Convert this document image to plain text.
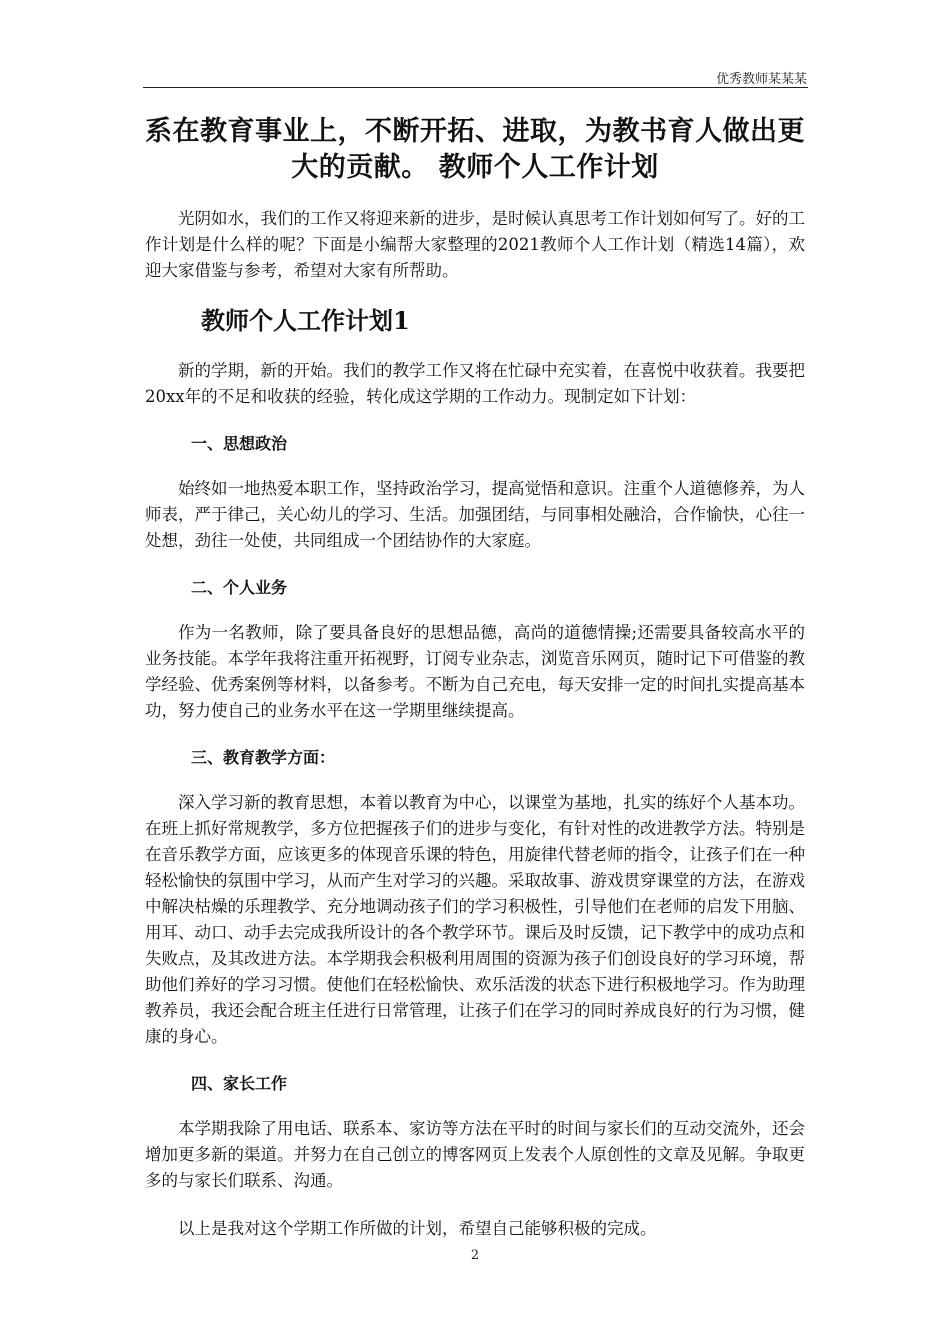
优秀教师某某某
系在教育事业上，不断开拓、进取，为教书育人做出更大的贡献。 教师个人工作计划

光阴如水，我们的工作又将迎来新的进步，是时候认真思考工作计划如何写了。好的工作计划是什么样的呢？下面是小编帮大家整理的2021教师个人工作计划（精选14篇），欢迎大家借鉴与参考，希望对大家有所帮助。

教师个人工作计划1

新的学期，新的开始。我们的教学工作又将在忙碌中充实着，在喜悦中收获着。我要把20xx年的不足和收获的经验，转化成这学期的工作动力。现制定如下计划：

一、思想政治

始终如一地热爱本职工作，坚持政治学习，提高觉悟和意识。注重个人道德修养，为人师表，严于律己，关心幼儿的学习、生活。加强团结，与同事相处融洽，合作愉快，心往一处想，劲往一处使，共同组成一个团结协作的大家庭。

二、个人业务

作为一名教师，除了要具备良好的思想品德，高尚的道德情操;还需要具备较高水平的业务技能。本学年我将注重开拓视野，订阅专业杂志，浏览音乐网页，随时记下可借鉴的教学经验、优秀案例等材料，以备参考。不断为自己充电，每天安排一定的时间扎实提高基本功，努力使自己的业务水平在这一学期里继续提高。

三、教育教学方面：

深入学习新的教育思想，本着以教育为中心，以课堂为基地，扎实的练好个人基本功。在班上抓好常规教学，多方位把握孩子们的进步与变化，有针对性的改进教学方法。特别是在音乐教学方面，应该更多的体现音乐课的特色，用旋律代替老师的指令，让孩子们在一种轻松愉快的氛围中学习，从而产生对学习的兴趣。采取故事、游戏贯穿课堂的方法，在游戏中解决枯燥的乐理教学、充分地调动孩子们的学习积极性，引导他们在老师的启发下用脑、用耳、动口、动手去完成我所设计的各个教学环节。课后及时反馈，记下教学中的成功点和失败点，及其改进方法。本学期我会积极利用周围的资源为孩子们创设良好的学习环境，帮助他们养好的学习习惯。使他们在轻松愉快、欢乐活泼的状态下进行积极地学习。作为助理教养员，我还会配合班主任进行日常管理，让孩子们在学习的同时养成良好的行为习惯，健康的身心。

四、家长工作

本学期我除了用电话、联系本、家访等方法在平时的时间与家长们的互动交流外，还会增加更多新的渠道。并努力在自己创立的博客网页上发表个人原创性的文章及见解。争取更多的与家长们联系、沟通。

以上是我对这个学期工作所做的计划，希望自己能够积极的完成。

2
